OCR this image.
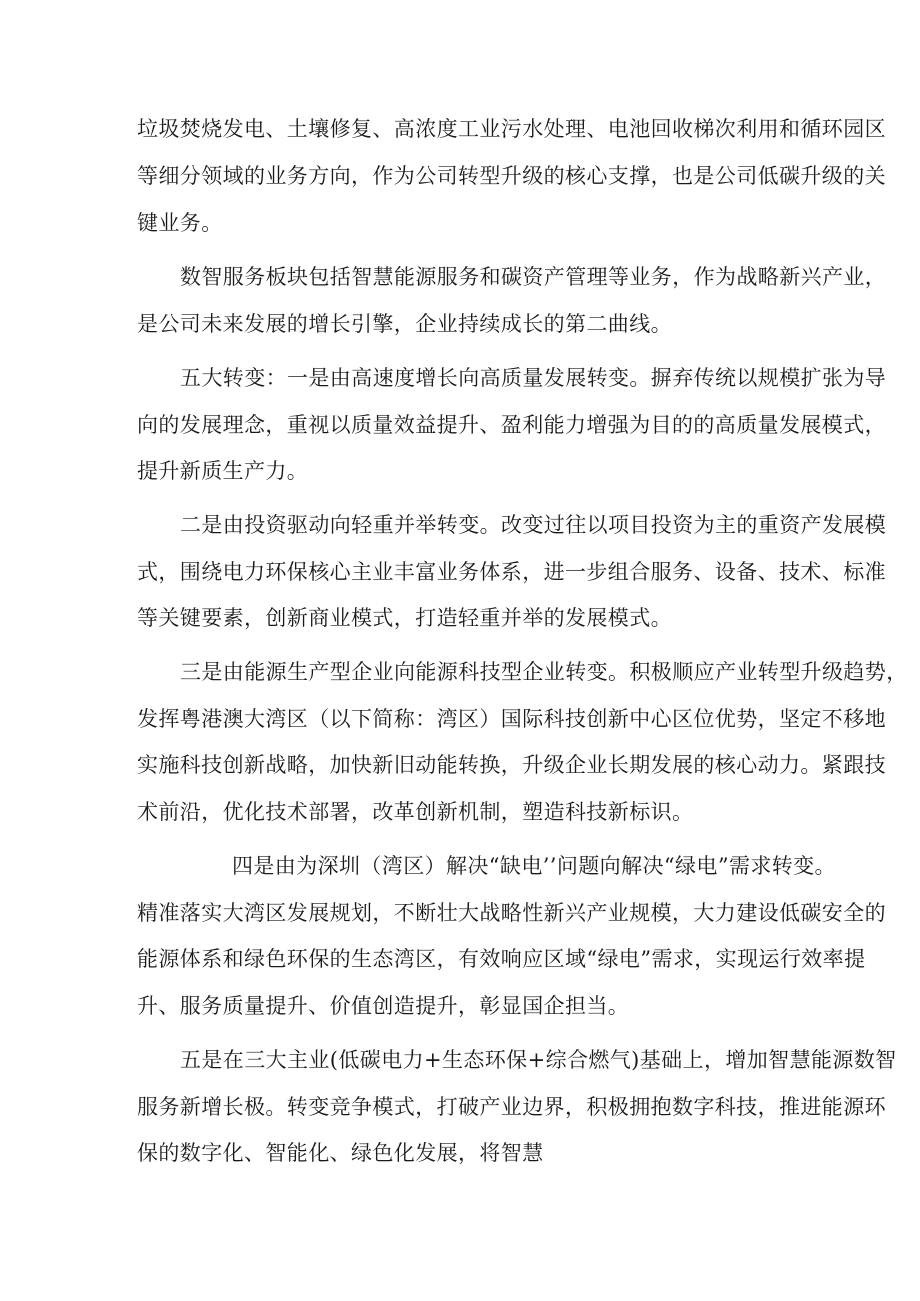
垃圾焚烧发电、土壤修复、高浓度工业污水处理、电池回收梯次利用和循环园区
等细分领域的业务方向，作为公司转型升级的核心支撑，也是公司低碳升级的关
键业务。
数智服务板块包括智慧能源服务和碳资产管理等业务，作为战略新兴产业，
是公司未来发展的增长引擎，企业持续成长的第二曲线。
五大转变：一是由高速度增长向高质量发展转变。摒弃传统以规模扩张为导
向的发展理念，重视以质量效益提升、盈利能力增强为目的的高质量发展模式，
提升新质生产力。
二是由投资驱动向轻重并举转变。改变过往以项目投资为主的重资产发展模
式，围绕电力环保核心主业丰富业务体系，进一步组合服务、设备、技术、标准
等关键要素，创新商业模式，打造轻重并举的发展模式。
三是由能源生产型企业向能源科技型企业转变。积极顺应产业转型升级趋势，
发挥粤港澳大湾区（以下简称：湾区）国际科技创新中心区位优势，坚定不移地
实施科技创新战略，加快新旧动能转换，升级企业长期发展的核心动力。紧跟技
术前沿，优化技术部署，改革创新机制，塑造科技新标识。
四是由为深圳（湾区）解决“缺电’’问题向解决“绿电”需求转变。
精准落实大湾区发展规划，不断壮大战略性新兴产业规模，大力建设低碳安全的
能源体系和绿色环保的生态湾区，有效响应区域“绿电”需求，实现运行效率提
升、服务质量提升、价值创造提升，彰显国企担当。
五是在三大主业(低碳电力+生态环保+综合燃气)基础上，增加智慧能源数智
服务新增长极。转变竞争模式，打破产业边界，积极拥抱数字科技，推进能源环
保的数字化、智能化、绿色化发展，将智慧
